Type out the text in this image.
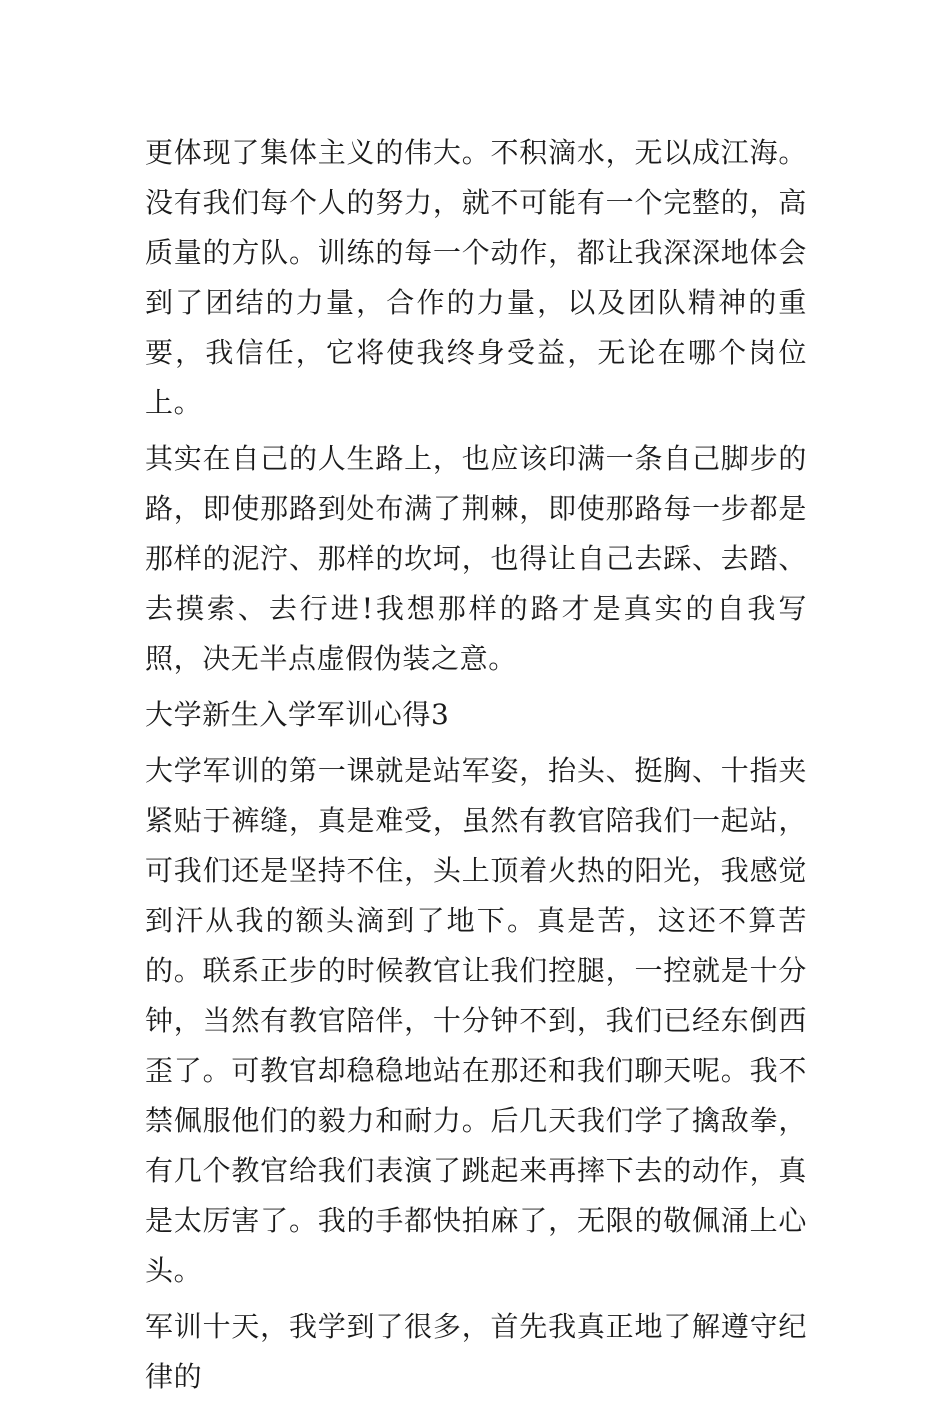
更体现了集体主义的伟大。不积滴水，无以成江海。没有我们每个人的努力，就不可能有一个完整的，高质量的方队。训练的每一个动作，都让我深深地体会到了团结的力量，合作的力量，以及团队精神的重要，我信任，它将使我终身受益，无论在哪个岗位上。

其实在自己的人生路上，也应该印满一条自己脚步的路，即使那路到处布满了荆棘，即使那路每一步都是那样的泥泞、那样的坎坷，也得让自己去踩、去踏、去摸索、去行进!我想那样的路才是真实的自我写照，决无半点虚假伪装之意。

大学新生入学军训心得3

大学军训的第一课就是站军姿，抬头、挺胸、十指夹紧贴于裤缝，真是难受，虽然有教官陪我们一起站，可我们还是坚持不住，头上顶着火热的阳光，我感觉到汗从我的额头滴到了地下。真是苦，这还不算苦的。联系正步的时候教官让我们控腿，一控就是十分钟，当然有教官陪伴，十分钟不到，我们已经东倒西歪了。可教官却稳稳地站在那还和我们聊天呢。我不禁佩服他们的毅力和耐力。后几天我们学了擒敌拳，有几个教官给我们表演了跳起来再摔下去的动作，真是太厉害了。我的手都快拍麻了，无限的敬佩涌上心头。

军训十天，我学到了很多，首先我真正地了解遵守纪律的
